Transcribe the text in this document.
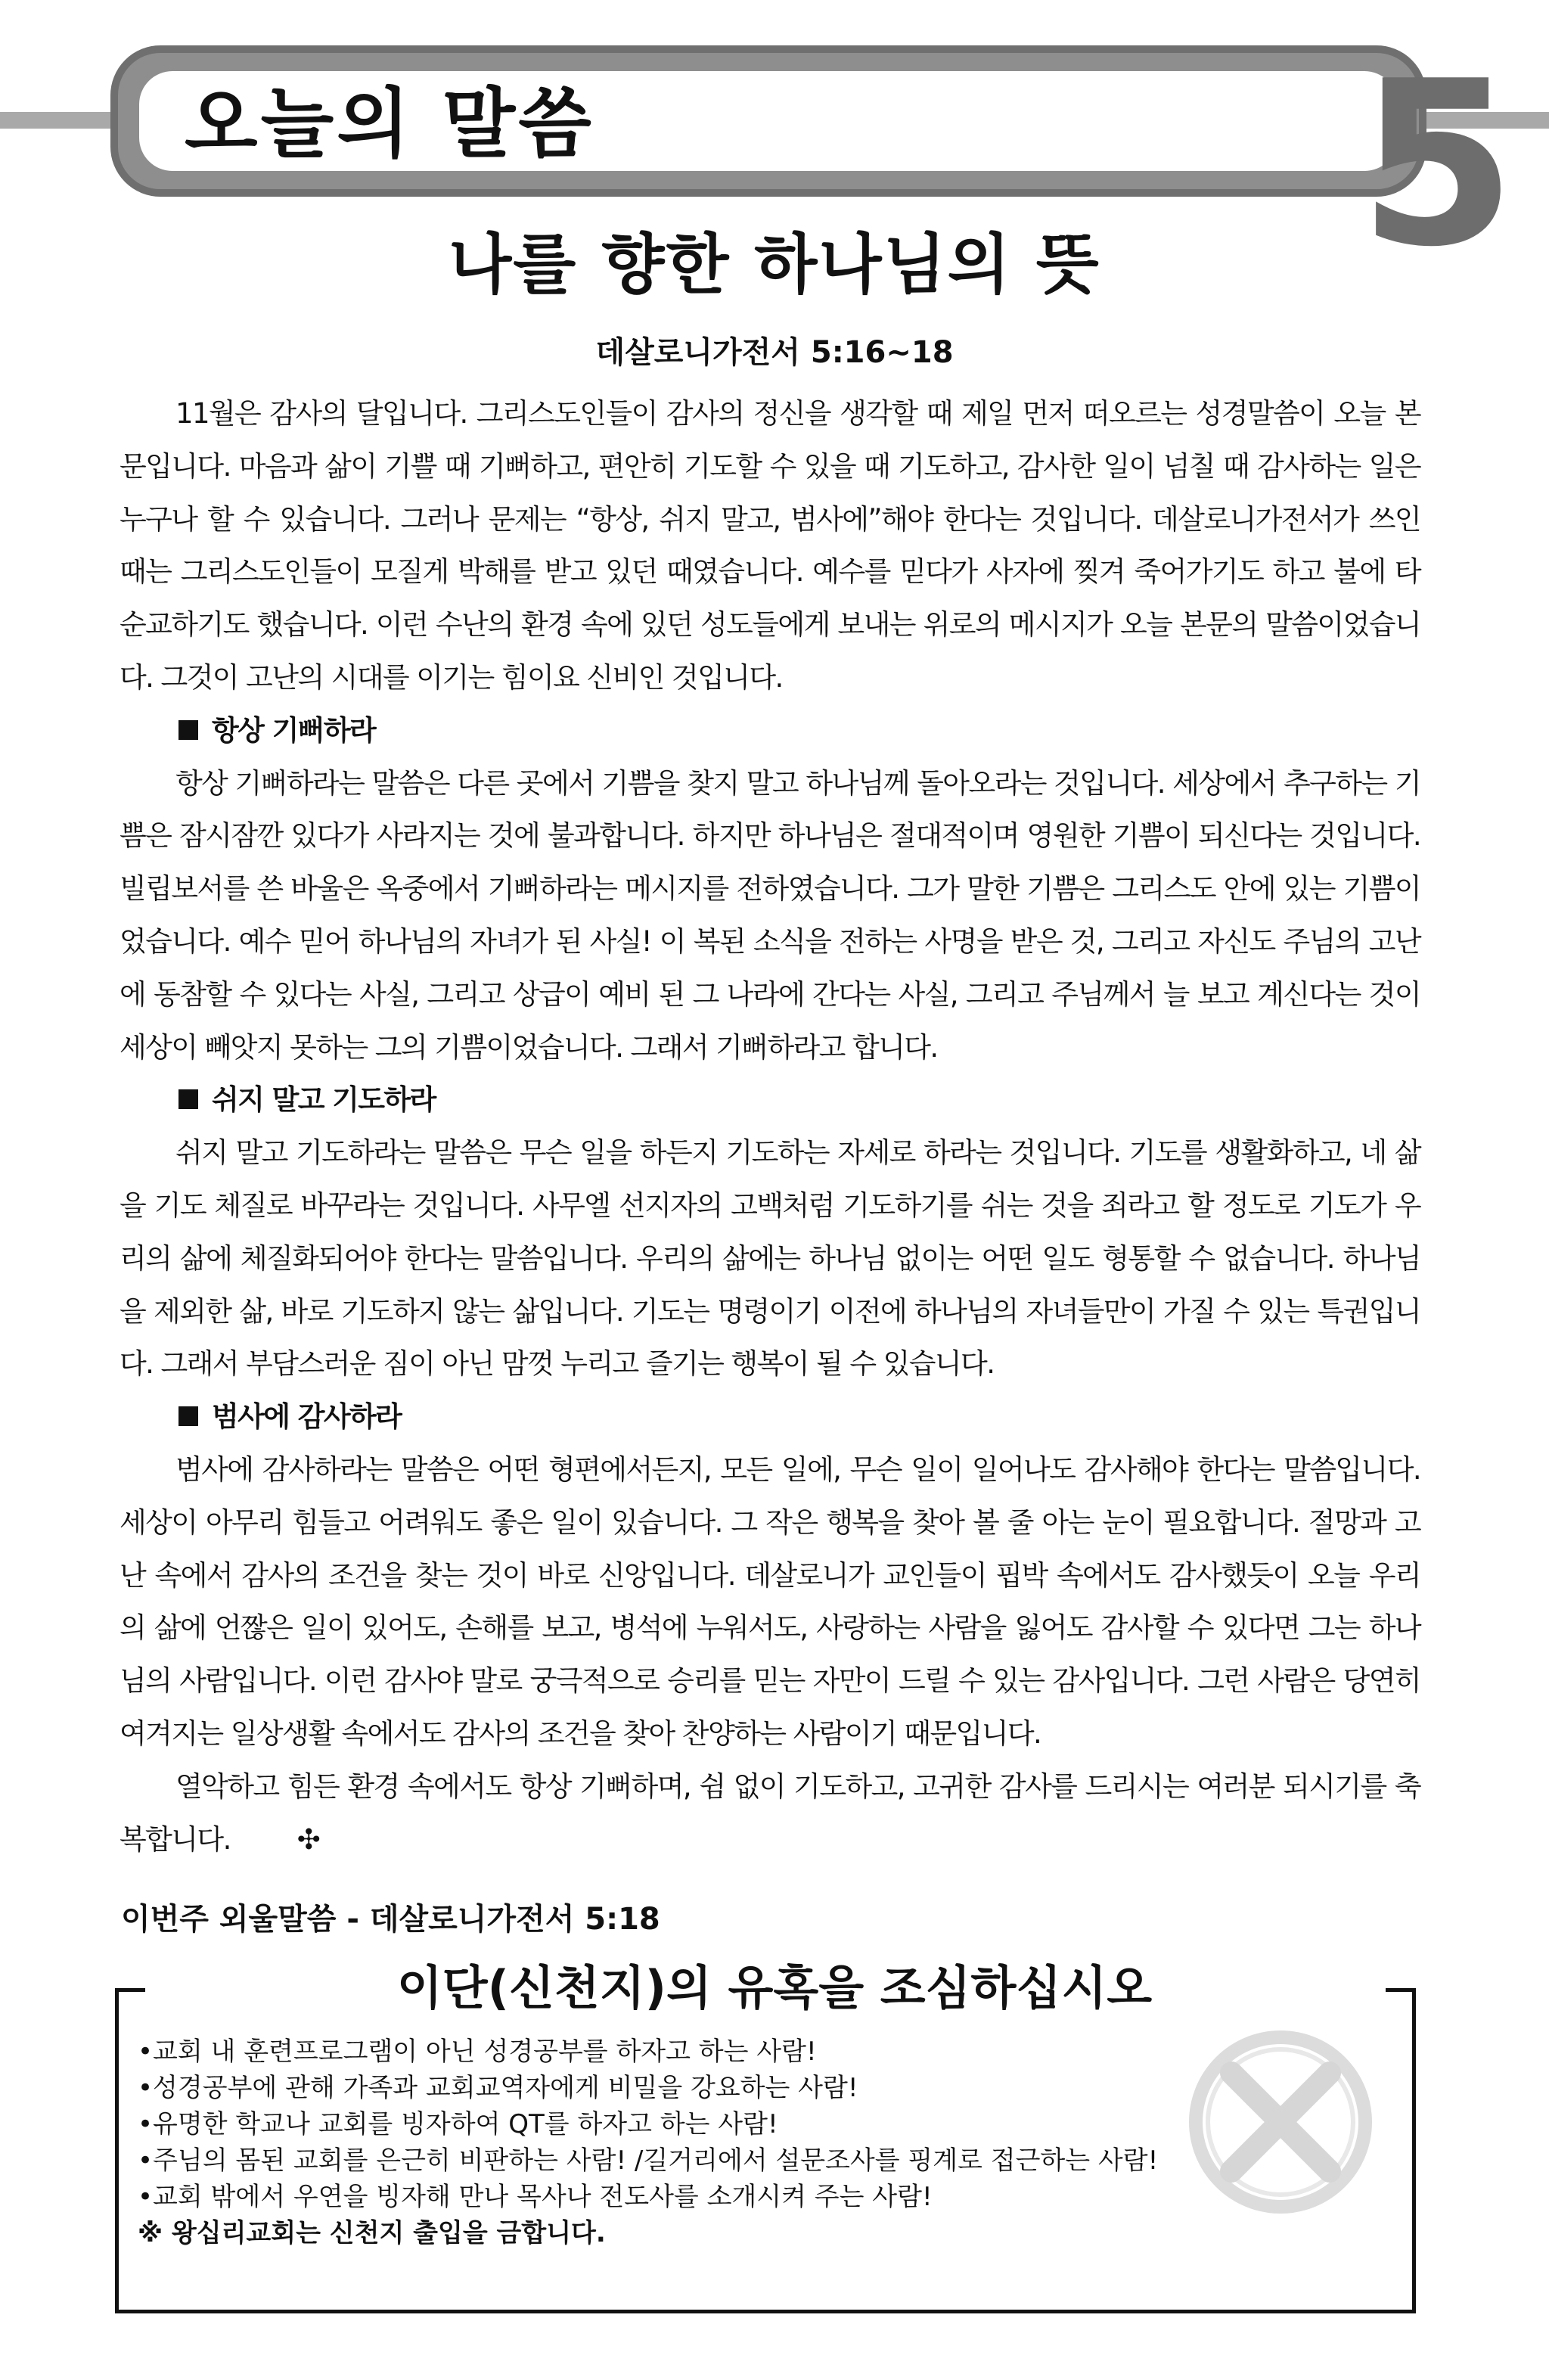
오늘의 말씀	5
나를 향한 하나님의 뜻
데살로니가전서 5:16~18

11월은 감사의 달입니다. 그리스도인들이 감사의 정신을 생각할 때 제일 먼저 떠오르는 성경말씀이 오늘 본문입니다. 마음과 삶이 기쁠 때 기뻐하고, 편안히 기도할 수 있을 때 기도하고, 감사한 일이 넘칠 때 감사하는 일은 누구나 할 수 있습니다. 그러나 문제는 “항상, 쉬지 말고, 범사에”해야 한다는 것입니다. 데살로니가전서가 쓰인 때는 그리스도인들이 모질게 박해를 받고 있던 때였습니다. 예수를 믿다가 사자에 찢겨 죽어가기도 하고 불에 타 순교하기도 했습니다. 이런 수난의 환경 속에 있던 성도들에게 보내는 위로의 메시지가 오늘 본문의 말씀이었습니다. 그것이 고난의 시대를 이기는 힘이요 신비인 것입니다.

항상 기뻐하라

항상 기뻐하라는 말씀은 다른 곳에서 기쁨을 찾지 말고 하나님께 돌아오라는 것입니다. 세상에서 추구하는 기쁨은 잠시잠깐 있다가 사라지는 것에 불과합니다. 하지만 하나님은 절대적이며 영원한 기쁨이 되신다는 것입니다. 빌립보서를 쓴 바울은 옥중에서 기뻐하라는 메시지를 전하였습니다. 그가 말한 기쁨은 그리스도 안에 있는 기쁨이었습니다. 예수 믿어 하나님의 자녀가 된 사실! 이 복된 소식을 전하는 사명을 받은 것, 그리고 자신도 주님의 고난에 동참할 수 있다는 사실, 그리고 상급이 예비 된 그 나라에 간다는 사실, 그리고 주님께서 늘 보고 계신다는 것이 세상이 빼앗지 못하는 그의 기쁨이었습니다. 그래서 기뻐하라고 합니다.

쉬지 말고 기도하라

쉬지 말고 기도하라는 말씀은 무슨 일을 하든지 기도하는 자세로 하라는 것입니다. 기도를 생활화하고, 네 삶을 기도 체질로 바꾸라는 것입니다. 사무엘 선지자의 고백처럼 기도하기를 쉬는 것을 죄라고 할 정도로 기도가 우리의 삶에 체질화되어야 한다는 말씀입니다. 우리의 삶에는 하나님 없이는 어떤 일도 형통할 수 없습니다. 하나님을 제외한 삶, 바로 기도하지 않는 삶입니다. 기도는 명령이기 이전에 하나님의 자녀들만이 가질 수 있는 특권입니다. 그래서 부담스러운 짐이 아닌 맘껏 누리고 즐기는 행복이 될 수 있습니다.

범사에 감사하라

범사에 감사하라는 말씀은 어떤 형편에서든지, 모든 일에, 무슨 일이 일어나도 감사해야 한다는 말씀입니다. 세상이 아무리 힘들고 어려워도 좋은 일이 있습니다. 그 작은 행복을 찾아 볼 줄 아는 눈이 필요합니다. 절망과 고난 속에서 감사의 조건을 찾는 것이 바로 신앙입니다. 데살로니가 교인들이 핍박 속에서도 감사했듯이 오늘 우리의 삶에 언짢은 일이 있어도, 손해를 보고, 병석에 누워서도, 사랑하는 사람을 잃어도 감사할 수 있다면 그는 하나님의 사람입니다. 이런 감사야 말로 궁극적으로 승리를 믿는 자만이 드릴 수 있는 감사입니다. 그런 사람은 당연히 여겨지는 일상생활 속에서도 감사의 조건을 찾아 찬양하는 사람이기 때문입니다.

열악하고 힘든 환경 속에서도 항상 기뻐하며, 쉼 없이 기도하고, 고귀한 감사를 드리시는 여러분 되시기를 축복합니다. ✣

이번주 외울말씀 - 데살로니가전서 5:18
이단(신천지)의 유혹을 조심하십시오
•교회 내 훈련프로그램이 아닌 성경공부를 하자고 하는 사람!
•성경공부에 관해 가족과 교회교역자에게 비밀을 강요하는 사람!
•유명한 학교나 교회를 빙자하여 QT를 하자고 하는 사람!
•주님의 몸된 교회를 은근히 비판하는 사람! /길거리에서 설문조사를 핑계로 접근하는 사람!
•교회 밖에서 우연을 빙자해 만나 목사나 전도사를 소개시켜 주는 사람!
※ 왕십리교회는 신천지 출입을 금합니다.
